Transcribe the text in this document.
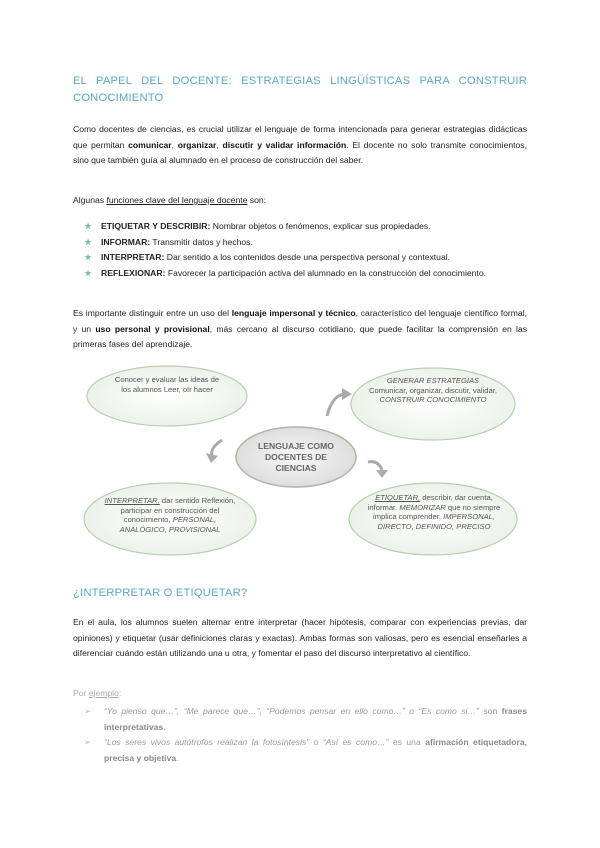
EL PAPEL DEL DOCENTE: ESTRATEGIAS LINGÜÍSTICAS PARA CONSTRUIR CONOCIMIENTO

Como docentes de ciencias, es crucial utilizar el lenguaje de forma intencionada para generar estrategias didácticas que permitan comunicar, organizar, discutir y validar información. El docente no solo transmite conocimientos, sino que también guía al alumnado en el proceso de construcción del saber.

Algunas funciones clave del lenguaje docente son:

★ ETIQUETAR Y DESCRIBIR: Nombrar objetos o fenómenos, explicar sus propiedades.
★ INFORMAR: Transmitir datos y hechos.
★ INTERPRETAR: Dar sentido a los contenidos desde una perspectiva personal y contextual.
★ REFLEXIONAR: Favorecer la participación activa del alumnado en la construcción del conocimiento.

Es importante distinguir entre un uso del lenguaje impersonal y técnico, característico del lenguaje científico formal, y un uso personal y provisional, más cercano al discurso cotidiano, que puede facilitar la comprensión en las primeras fases del aprendizaje.

Conocer y evaluar las ideas de los alumnos Leer, oír hacer
GENERAR ESTRATEGIAS
Comunicar, organizar, discutir, validar,
CONSTRUIR CONOCIMIENTO
LENGUAJE COMO DOCENTES DE CIENCIAS
INTERPRETAR, dar sentido Reflexión, participar en construcción del conocimiento, PERSONAL, ANALÓGICO, PROVISIONAL
ETIQUETAR, describir, dar cuenta, informar. MEMORIZAR que no siempre implica comprender. IMPERSONAL, DIRECTO, DEFINIDO, PRECISO
¿INTERPRETAR O ETIQUETAR?

En el aula, los alumnos suelen alternar entre interpretar (hacer hipótesis, comparar con experiencias previas, dar opiniones) y etiquetar (usar definiciones claras y exactas). Ambas formas son valiosas, pero es esencial enseñarles a diferenciar cuándo están utilizando una u otra, y fomentar el paso del discurso interpretativo al científico.

Por ejemplo:
➢ “Yo pienso que…”, “Me parece que…”, “Podemos pensar en ello como…” o “Es como si…” son frases interpretativas.
➢ “Los seres vivos autótrofos realizan la fotosíntesis” o “Así es como…” es una afirmación etiquetadora, precisa y objetiva.
